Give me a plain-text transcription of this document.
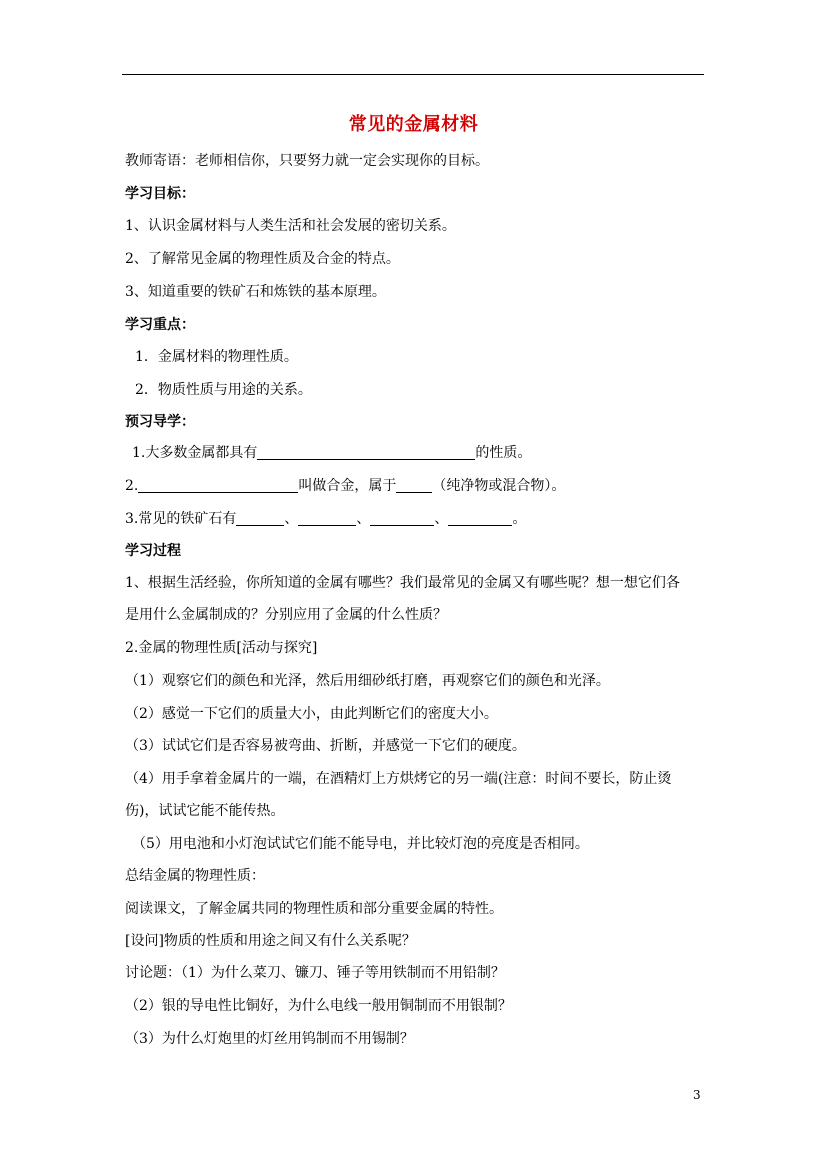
常见的金属材料
教师寄语：老师相信你，只要努力就一定会实现你的目标。
学习目标：
1、认识金属材料与人类生活和社会发展的密切关系。
2、了解常见金属的物理性质及合金的特点。
3、知道重要的铁矿石和炼铁的基本原理。
学习重点：
1．金属材料的物理性质。
2．物质性质与用途的关系。
预习导学：
1.大多数金属都具有	的性质。
2.	叫做合金，属于	（纯净物或混合物）。
3.常见的铁矿石有	、	、	、	。
学习过程
1、根据生活经验，你所知道的金属有哪些？我们最常见的金属又有哪些呢？想一想它们各
是用什么金属制成的？分别应用了金属的什么性质？
2.金属的物理性质[活动与探究]
（1）观察它们的颜色和光泽，然后用细砂纸打磨，再观察它们的颜色和光泽。
（2）感觉一下它们的质量大小，由此判断它们的密度大小。
（3）试试它们是否容易被弯曲、折断，并感觉一下它们的硬度。
（4）用手拿着金属片的一端，在酒精灯上方烘烤它的另一端(注意：时间不要长，防止烫
伤)，试试它能不能传热。
（5）用电池和小灯泡试试它们能不能导电，并比较灯泡的亮度是否相同。
总结金属的物理性质：
阅读课文，了解金属共同的物理性质和部分重要金属的特性。
[设问]物质的性质和用途之间又有什么关系呢？
讨论题：（1）为什么菜刀、镰刀、锤子等用铁制而不用铅制？
（2）银的导电性比铜好，为什么电线一般用铜制而不用银制？
（3）为什么灯炮里的灯丝用钨制而不用锡制？
3
